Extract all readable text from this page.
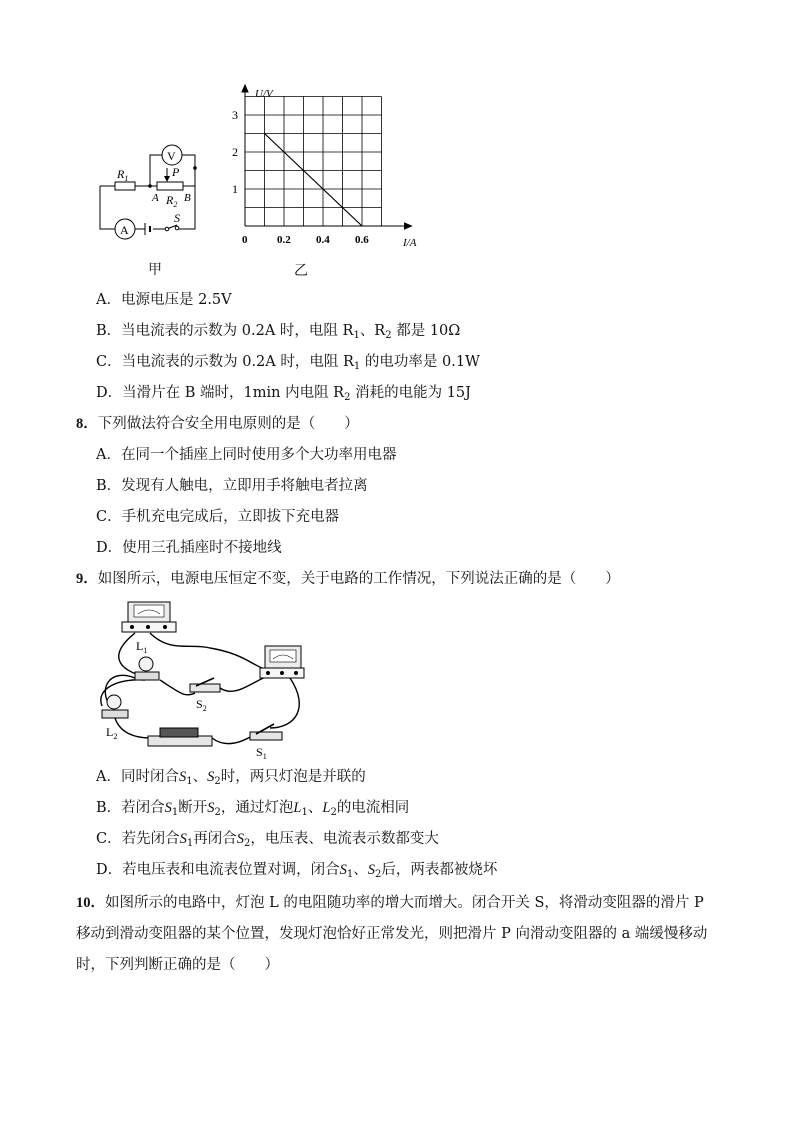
V
A
$R_1$	P
A $R_2$
B
S
甲
0	0.2 0.4 0.6
3
2
1
U/V
I/A
乙
A．电源电压是 2.5V
B．当电流表的示数为 0.2A 时，电阻 $R_1$、$R_2$ 都是 10Ω
C．当电流表的示数为 0.2A 时，电阻 $R_1$ 的电功率是 0.1W
D．当滑片在 B 端时，1min 内电阻 $R_2$ 消耗的电能为 15J
8．下列做法符合安全用电原则的是（　　）
A．在同一个插座上同时使用多个大功率用电器
B．发现有人触电，立即用手将触电者拉离
C．手机充电完成后，立即拔下充电器
D．使用三孔插座时不接地线
9．如图所示，电源电压恒定不变，关于电路的工作情况，下列说法正确的是（　　）
$L_1$
$L_2$
$S_2$
$S_1$
A．同时闭合$S_1$、$S_2$时，两只灯泡是并联的
B．若闭合$S_1$断开$S_2$，通过灯泡$L_1$、$L_2$的电流相同
C．若先闭合$S_1$再闭合$S_2$，电压表、电流表示数都变大
D．若电压表和电流表位置对调，闭合$S_1$、$S_2$后，两表都被烧坏
10．如图所示的电路中，灯泡 L 的电阻随功率的增大而增大。闭合开关 S，将滑动变阻器的滑片 P
移动到滑动变阻器的某个位置，发现灯泡恰好正常发光，则把滑片 P 向滑动变阻器的 a 端缓慢移动
时，下列判断正确的是（　　）
